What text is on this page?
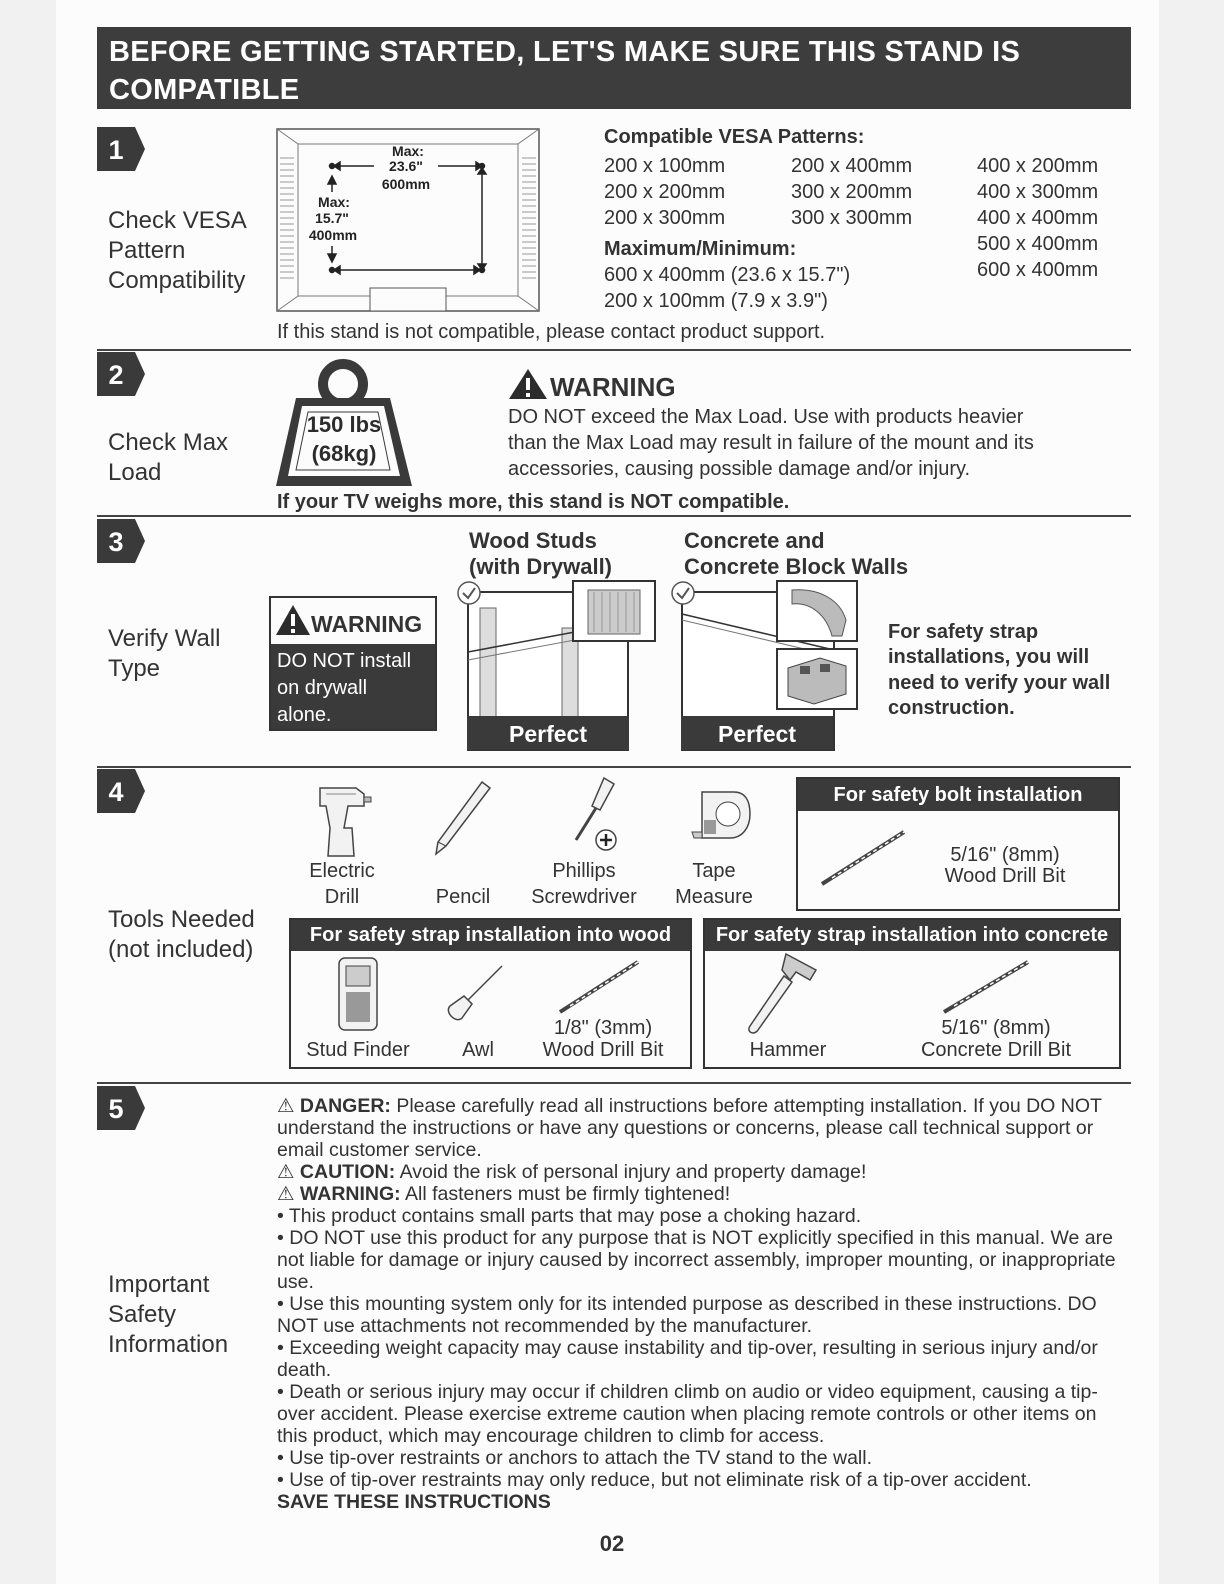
BEFORE GETTING STARTED, LET'S MAKE SURE THIS STAND IS COMPATIBLE
1
Check VESA Pattern Compatibility
Max:
23.6"
600mm
Max:
15.7"
400mm
Compatible VESA Patterns:
200 x 100mm
200 x 200mm
200 x 300mm
200 x 400mm
300 x 200mm
300 x 300mm
400 x 200mm
400 x 300mm
400 x 400mm
500 x 400mm
600 x 400mm
Maximum/Minimum:
600 x 400mm (23.6 x 15.7")
200 x 100mm (7.9 x 3.9")
If this stand is not compatible, please contact product support.
2
Check Max Load
150 lbs
(68kg)
WARNING
DO NOT exceed the Max Load. Use with products heavier
than the Max Load may result in failure of the mount and its
accessories, causing possible damage and/or injury.
If your TV weighs more, this stand is NOT compatible.
3
Verify Wall Type
WARNING
DO NOT install
on drywall
alone.
Wood Studs
(with Drywall)
Concrete and
Concrete Block Walls
Perfect	Perfect
For safety strap
installations, you will
need to verify your wall
construction.
4
Tools Needed (not included)
Electric
Drill	Pencil
Phillips
Screwdriver
Tape
Measure
For safety bolt installation
5/16" (8mm)
Wood Drill Bit
For safety strap installation into wood
Stud Finder	Awl
1/8" (3mm)
Wood Drill Bit
For safety strap installation into concrete
Hammer
5/16" (8mm)
Concrete Drill Bit
5
Important Safety Information

⚠ DANGER: Please carefully read all instructions before attempting installation. If you DO NOT understand the instructions or have any questions or concerns, please call technical support or email customer service.

⚠ CAUTION: Avoid the risk of personal injury and property damage!

⚠ WARNING: All fasteners must be firmly tightened!

• This product contains small parts that may pose a choking hazard.

• DO NOT use this product for any purpose that is NOT explicitly specified in this manual. We are not liable for damage or injury caused by incorrect assembly, improper mounting, or inappropriate use.

• Use this mounting system only for its intended purpose as described in these instructions. DO NOT use attachments not recommended by the manufacturer.

• Exceeding weight capacity may cause instability and tip-over, resulting in serious injury and/or death.

• Death or serious injury may occur if children climb on audio or video equipment, causing a tip-over accident. Please exercise extreme caution when placing remote controls or other items on this product, which may encourage children to climb for access.

• Use tip-over restraints or anchors to attach the TV stand to the wall.

• Use of tip-over restraints may only reduce, but not eliminate risk of a tip-over accident.

SAVE THESE INSTRUCTIONS

02
